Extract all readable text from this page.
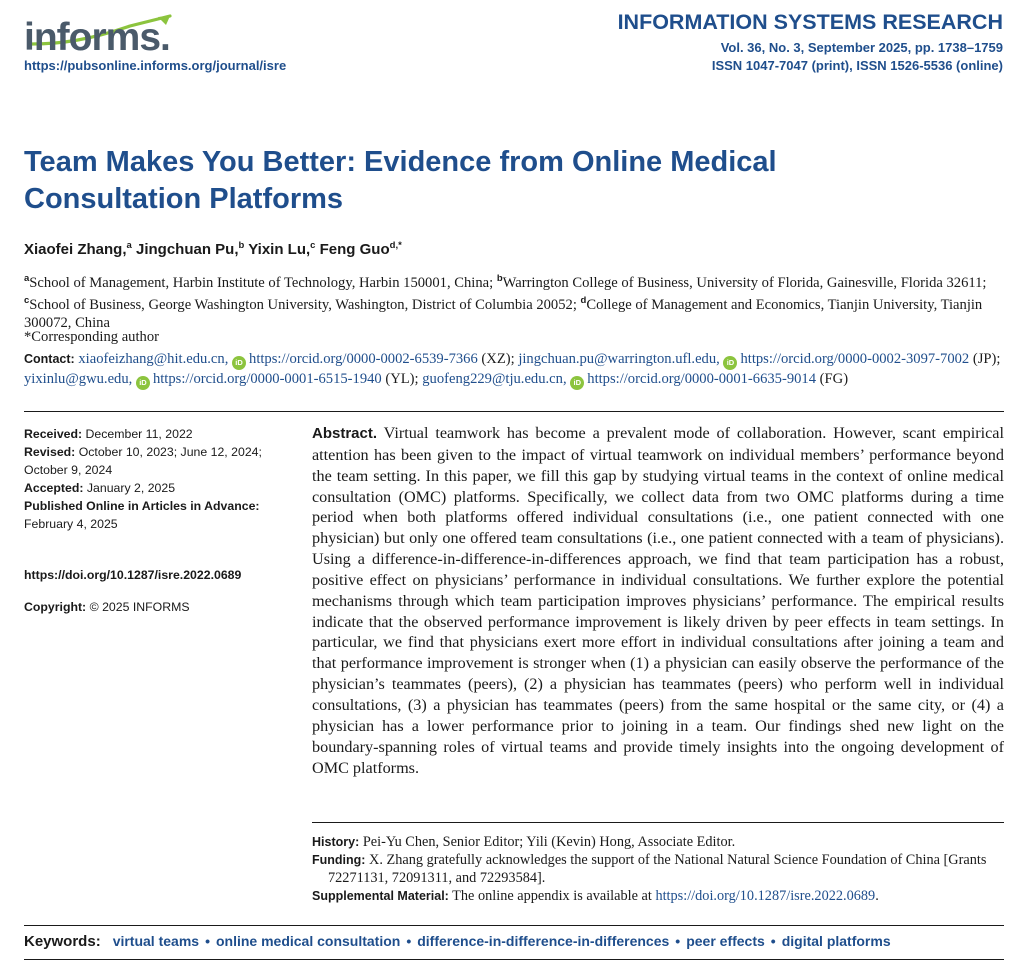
informs.
https://pubsonline.informs.org/journal/isre
INFORMATION SYSTEMS RESEARCH
Vol. 36, No. 3, September 2025, pp. 1738–1759
ISSN 1047-7047 (print), ISSN 1526-5536 (online)
Team Makes You Better: Evidence from Online Medical Consultation Platforms
Xiaofei Zhang,$^a$ Jingchuan Pu,$^b$ Yixin Lu,$^c$ Feng Guo$^{d,*}$
$^a$School of Management, Harbin Institute of Technology, Harbin 150001, China; $^b$Warrington College of Business, University of Florida, Gainesville, Florida 32611; $^c$School of Business, George Washington University, Washington, District of Columbia 20052; $^d$College of Management and Economics, Tianjin University, Tianjin 300072, China
*Corresponding author
Contact: xiaofeizhang@hit.edu.cn, iD https://orcid.org/0000-0002-6539-7366 (XZ); jingchuan.pu@warrington.ufl.edu, iD https://orcid.org/0000-0002-3097-7002 (JP); yixinlu@gwu.edu, iD https://orcid.org/0000-0001-6515-1940 (YL); guofeng229@tju.edu.cn, iD https://orcid.org/0000-0001-6635-9014 (FG)
Received: December 11, 2022
Revised: October 10, 2023; June 12, 2024; October 9, 2024
Accepted: January 2, 2025
Published Online in Articles in Advance:
February 4, 2025
https://doi.org/10.1287/isre.2022.0689
Copyright: © 2025 INFORMS

Abstract. Virtual teamwork has become a prevalent mode of collaboration. However, scant empirical attention has been given to the impact of virtual teamwork on individual members’ performance beyond the team setting. In this paper, we fill this gap by studying virtual teams in the context of online medical consultation (OMC) platforms. Specifically, we collect data from two OMC platforms during a time period when both platforms offered individual consultations (i.e., one patient connected with one physician) but only one offered team consultations (i.e., one patient connected with a team of physicians). Using a difference-in-difference-in-differences approach, we find that team participation has a robust, positive effect on physicians’ performance in individual consultations. We further explore the potential mechanisms through which team participation improves physicians’ performance. The empirical results indicate that the observed performance improvement is likely driven by peer effects in team settings. In particular, we find that physicians exert more effort in individual consultations after joining a team and that performance improvement is stronger when (1) a physician can easily observe the performance of the physician’s teammates (peers), (2) a physician has teammates (peers) who perform well in individual consultations, (3) a physician has teammates (peers) from the same hospital or the same city, or (4) a physician has a lower performance prior to joining in a team. Our findings shed new light on the boundary-spanning roles of virtual teams and provide timely insights into the ongoing development of OMC platforms.

History: Pei-Yu Chen, Senior Editor; Yili (Kevin) Hong, Associate Editor.
Funding: X. Zhang gratefully acknowledges the support of the National Natural Science Foundation of China [Grants 72271131, 72091311, and 72293584].
Supplemental Material: The online appendix is available at https://doi.org/10.1287/isre.2022.0689.
Keywords: virtual teams • online medical consultation • difference-in-difference-in-differences • peer effects • digital platforms
